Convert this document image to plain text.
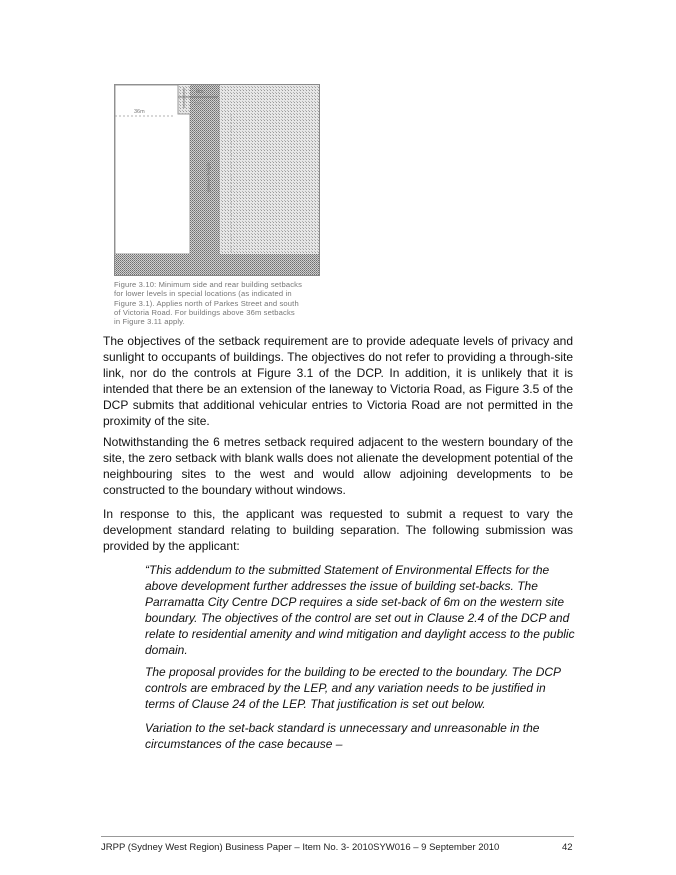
6m
min.
36m
greater height

Figure 3.10: Minimum side and rear building setbacks

for lower levels in special locations (as indicated in

Figure 3.1). Applies north of Parkes Street and south

of Victoria Road. For buildings above 36m setbacks

in Figure 3.11 apply.

The objectives of the setback requirement are to provide adequate levels of privacy and sunlight to occupants of buildings. The objectives do not refer to providing a through-site link, nor do the controls at Figure 3.1 of the DCP. In addition, it is unlikely that it is intended that there be an extension of the laneway to Victoria Road, as Figure 3.5 of the DCP submits that additional vehicular entries to Victoria Road are not permitted in the proximity of the site.

Notwithstanding the 6 metres setback required adjacent to the western boundary of the site, the zero setback with blank walls does not alienate the development potential of the neighbouring sites to the west and would allow adjoining developments to be constructed to the boundary without windows.

In response to this, the applicant was requested to submit a request to vary the development standard relating to building separation. The following submission was provided by the applicant:

“This addendum to the submitted Statement of Environmental Effects for the above development further addresses the issue of building set-backs. The Parramatta City Centre DCP requires a side set-back of 6m on the western site boundary. The objectives of the control are set out in Clause 2.4 of the DCP and relate to residential amenity and wind mitigation and daylight access to the public domain.

The proposal provides for the building to be erected to the boundary. The DCP controls are embraced by the LEP, and any variation needs to be justified in terms of Clause 24 of the LEP. That justification is set out below.

Variation to the set-back standard is unnecessary and unreasonable in the circumstances of the case because –

JRPP (Sydney West Region) Business Paper – Item No. 3- 2010SYW016 – 9 September 2010	42
